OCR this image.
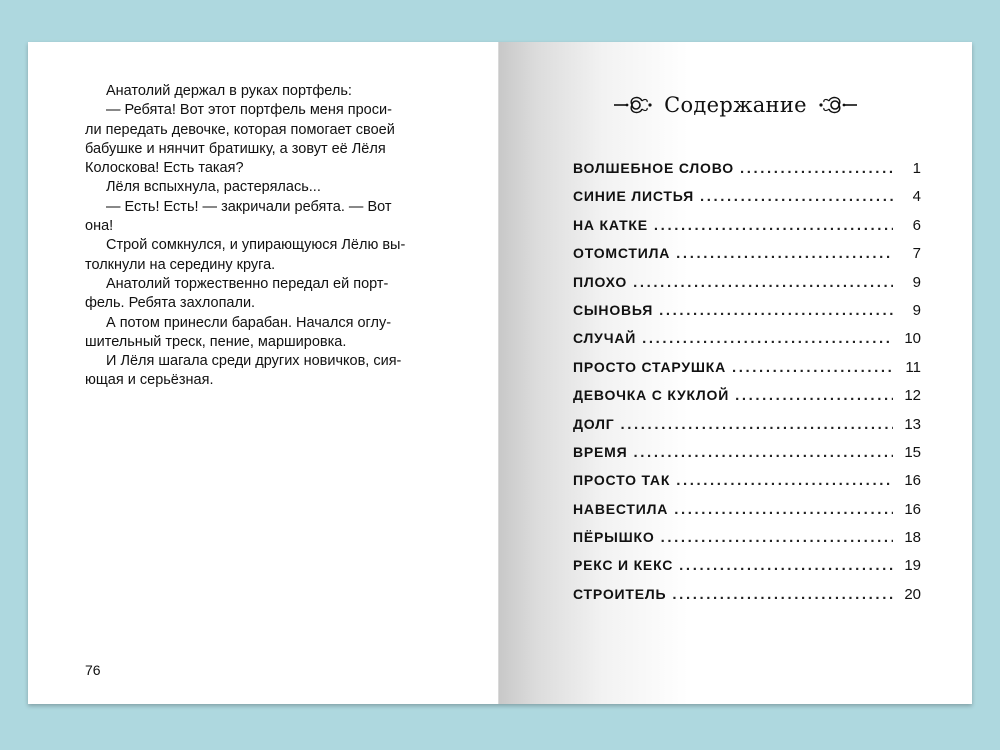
Анатолий держал в руках портфель:

— Ребята! Вот этот портфель меня проси-
ли передать девочке, которая помогает своей
бабушке и нянчит братишку, а зовут её Лёля
Колоскова! Есть такая?

Лёля вспыхнула, растерялась...

— Есть! Есть! — закричали ребята. — Вот
она!

Строй сомкнулся, и упирающуюся Лёлю вы-
толкнули на середину круга.

Анатолий торжественно передал ей порт-
фель. Ребята захлопали.

А потом принесли барабан. Начался оглу-
шительный треск, пение, маршировка.

И Лёля шагала среди других новичков, сия-
ющая и серьёзная.

76
Содержание
ВОЛШЕБНОЕ СЛОВО .....	1
СИНИЕ ЛИСТЬЯ .....	4
НА КАТКЕ .....	6
ОТОМСТИЛА .....	7
ПЛОХО .....	9
СЫНОВЬЯ .....	9
СЛУЧАЙ .....	10
ПРОСТО СТАРУШКА .....	11
ДЕВОЧКА С КУКЛОЙ .....	12
ДОЛГ .....	13
ВРЕМЯ .....	15
ПРОСТО ТАК .....	16
НАВЕСТИЛА .....	16
ПЁРЫШКО .....	18
РЕКС И КЕКС .....	19
СТРОИТЕЛЬ .....	20
